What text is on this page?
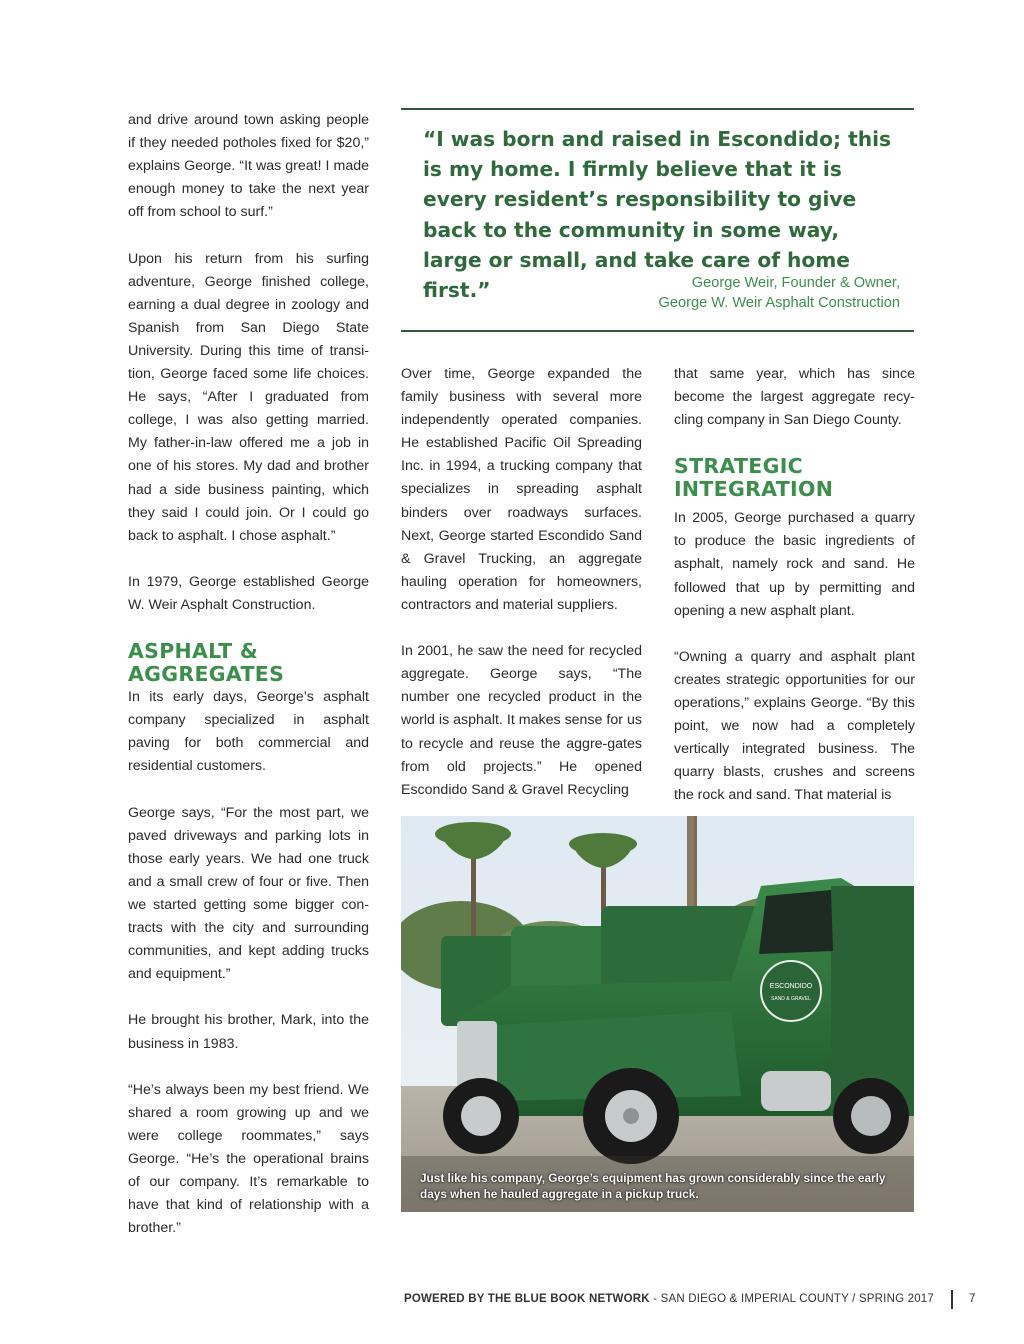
and drive around town asking people if they needed potholes fixed for $20,” explains George. “It was great! I made enough money to take the next year off from school to surf.”

Upon his return from his surfing adventure, George finished college, earning a dual degree in zoology and Spanish from San Diego State University. During this time of transi-tion, George faced some life choices. He says, “After I graduated from college, I was also getting married. My father-in-law offered me a job in one of his stores. My dad and brother had a side business painting, which they said I could join. Or I could go back to asphalt. I chose asphalt.”

In 1979, George established George W. Weir Asphalt Construction.

ASPHALT &
AGGREGATES

In its early days, George’s asphalt company specialized in asphalt paving for both commercial and residential customers.

George says, “For the most part, we paved driveways and parking lots in those early years. We had one truck and a small crew of four or five. Then we started getting some bigger con-tracts with the city and surrounding communities, and kept adding trucks and equipment.”

He brought his brother, Mark, into the business in 1983.

“He’s always been my best friend. We shared a room growing up and we were college roommates,” says George. “He’s the operational brains of our company. It’s remarkable to have that kind of relationship with a brother.”

“I was born and raised in Escondido; this is my home. I firmly believe that it is every resident’s responsibility to give back to the community in some way, large or small, and take care of home first.”	George Weir, Founder & Owner,
George W. Weir Asphalt Construction

Over time, George expanded the family business with several more independently operated companies. He established Pacific Oil Spreading Inc. in 1994, a trucking company that specializes in spreading asphalt binders over roadways surfaces. Next, George started Escondido Sand & Gravel Trucking, an aggregate hauling operation for homeowners, contractors and material suppliers.

In 2001, he saw the need for recycled aggregate. George says, “The number one recycled product in the world is asphalt. It makes sense for us to recycle and reuse the aggre-gates from old projects.” He opened Escondido Sand & Gravel Recycling

that same year, which has since become the largest aggregate recy-cling company in San Diego County.

STRATEGIC
INTEGRATION

In 2005, George purchased a quarry to produce the basic ingredients of asphalt, namely rock and sand. He followed that up by permitting and opening a new asphalt plant.

“Owning a quarry and asphalt plant creates strategic opportunities for our operations,” explains George. “By this point, we now had a completely vertically integrated business. The quarry blasts, crushes and screens the rock and sand. That material is

ESCONDIDO
SAND & GRAVEL
Just like his company, George’s equipment has grown considerably since the early days when he hauled aggregate in a pickup truck.
POWERED BY THE BLUE BOOK NETWORK - SAN DIEGO & IMPERIAL COUNTY / SPRING 2017	7
